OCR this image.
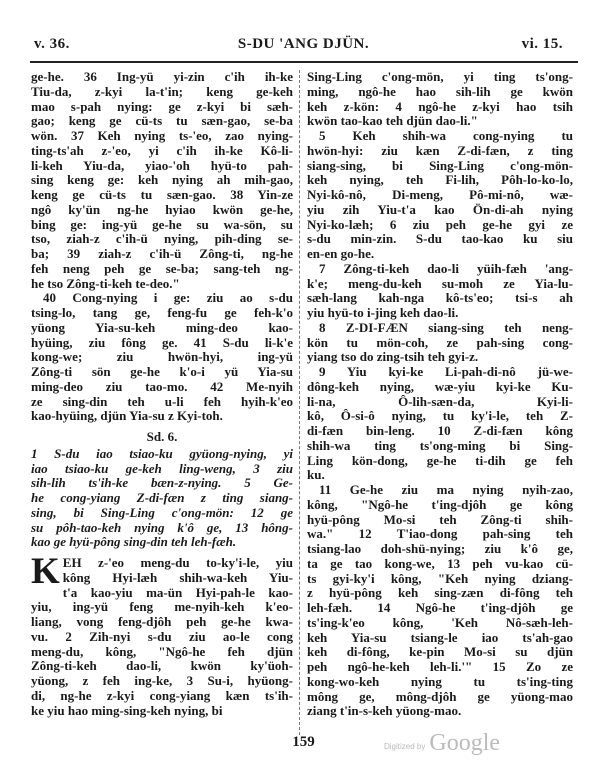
v. 36.	S-DU 'ANG DJÜN.	vi. 15.
ge-he. 36 Ing-yü yi-zin c'ih ih-ke
Tiu-da, z-kyi la-t'in; keng ge-keh
mao s-pah nying: ge z-kyi bi sæh-
gao; keng ge cü-ts tu sæn-gao, se-ba
wön. 37 Keh nying ts-'eo, zao nying-
ting-ts'ah z-'eo, yi c'ih ih-ke Kô-li-
li-keh Yiu-da, yiao-'oh hyü-to pah-
sing keng ge: keh nying ah mih-gao,
keng ge cü-ts tu sæn-gao. 38 Yin-ze
ngô ky'ün ng-he hyiao kwön ge-he,
bing ge: ing-yü ge-he su wa-sön, su
tso, ziah-z c'ih-ü nying, pih-ding se-
ba; 39 ziah-z c'ih-ü Zông-ti, ng-he
feh neng peh ge se-ba; sang-teh ng-
he tso Zông-ti-keh te-deo."
40 Cong-nying i ge: ziu ao s-du
tsing-lo, tang ge, feng-fu ge feh-k'o
yüong Yia-su-keh ming-deo kao-
hyüing, ziu fông ge. 41 S-du li-k'e
kong-we; ziu hwön-hyi, ing-yü
Zông-ti sön ge-he k'o-i yü Yia-su
ming-deo ziu tao-mo. 42 Me-nyih
ze sing-din teh u-li feh hyih-k'eo
kao-hyüing, djün Yia-su z Kyi-toh.
Sd. 6.
1 S-du iao tsiao-ku gyüong-nying, yi
iao tsiao-ku ge-keh ling-weng, 3 ziu
sih-lih ts'ih-ke bæn-z-nying. 5 Ge-
he cong-yiang Z-di-fæn z ting siang-
sing, bi Sing-Ling c'ong-mön: 12 ge
su pôh-tao-keh nying k'ô ge, 13 hông-
kao ge hyü-pông sing-din teh leh-fæh.
K EH z-'eo meng-du to-ky'i-le, yiu
kông Hyi-læh shih-wa-keh Yiu-
t'a kao-yiu ma-ün Hyi-pah-le kao-
yiu, ing-yü feng me-nyih-keh k'eo-
liang, vong feng-djôh peh ge-he kwa-
vu. 2 Zih-nyi s-du ziu ao-le cong
meng-du, kông, "Ngô-he feh djün
Zông-ti-keh dao-li, kwön ky'üoh-
yüong, z feh ing-ke, 3 Su-i, hyüong-
di, ng-he z-kyi cong-yiang kæn ts'ih-
ke yiu hao ming-sing-keh nying, bi
Sing-Ling c'ong-mön, yi ting ts'ong-
ming, ngô-he hao sih-lih ge kwön
keh z-kön: 4 ngô-he z-kyi hao tsih
kwön tao-kao teh djün dao-li."
5 Keh shih-wa cong-nying tu
hwön-hyi: ziu kæn Z-di-fæn, z ting
siang-sing, bi Sing-Ling c'ong-mön-
keh nying, teh Fi-lih, Pôh-lo-ko-lo,
Nyi-kô-nô, Di-meng, Pô-mi-nô, wæ-
yiu zih Yiu-t'a kao Ön-di-ah nying
Nyi-ko-læh; 6 ziu peh ge-he gyi ze
s-du min-zin. S-du tao-kao ku siu
en-en go-he.
7 Zông-ti-keh dao-li yüih-fæh 'ang-
k'e; meng-du-keh su-moh ze Yia-lu-
sæh-lang kah-nga kô-ts'eo; tsi-s ah
yiu hyü-to i-jing keh dao-li.
8 Z-DI-FÆN siang-sing teh neng-
kön tu mön-coh, ze pah-sing cong-
yiang tso do zing-tsih teh gyi-z.
9 Yiu kyi-ke Li-pah-di-nô jü-we-
dông-keh nying, wæ-yiu kyi-ke Ku-
li-na, Ô-lih-sæn-da, Kyi-li-
kô, Ô-si-ô nying, tu ky'i-le, teh Z-
di-fæn bin-leng. 10 Z-di-fæn kông
shih-wa ting ts'ong-ming bi Sing-
Ling kön-dong, ge-he ti-dih ge feh
ku.
11 Ge-he ziu ma nying nyih-zao,
kông, "Ngô-he t'ing-djôh ge kông
hyü-pông Mo-si teh Zông-ti shih-
wa." 12 T'iao-dong pah-sing teh
tsiang-lao doh-shü-nying; ziu k'ô ge,
ta ge tao kong-we, 13 peh vu-kao cü-
ts gyi-ky'i kông, "Keh nying dziang-
z hyü-pông keh sing-zæn di-fông teh
leh-fæh. 14 Ngô-he t'ing-djôh ge
ts'ing-k'eo kông, 'Keh Nô-sæh-leh-
keh Yia-su tsiang-le iao ts'ah-gao
keh di-fông, ke-pin Mo-si su djün
peh ngô-he-keh leh-li.'" 15 Zo ze
kong-wo-keh nying tu ts'ing-ting
mông ge, mông-djôh ge yüong-mao
ziang t'in-s-keh yüong-mao.
159	Digitized by Google
